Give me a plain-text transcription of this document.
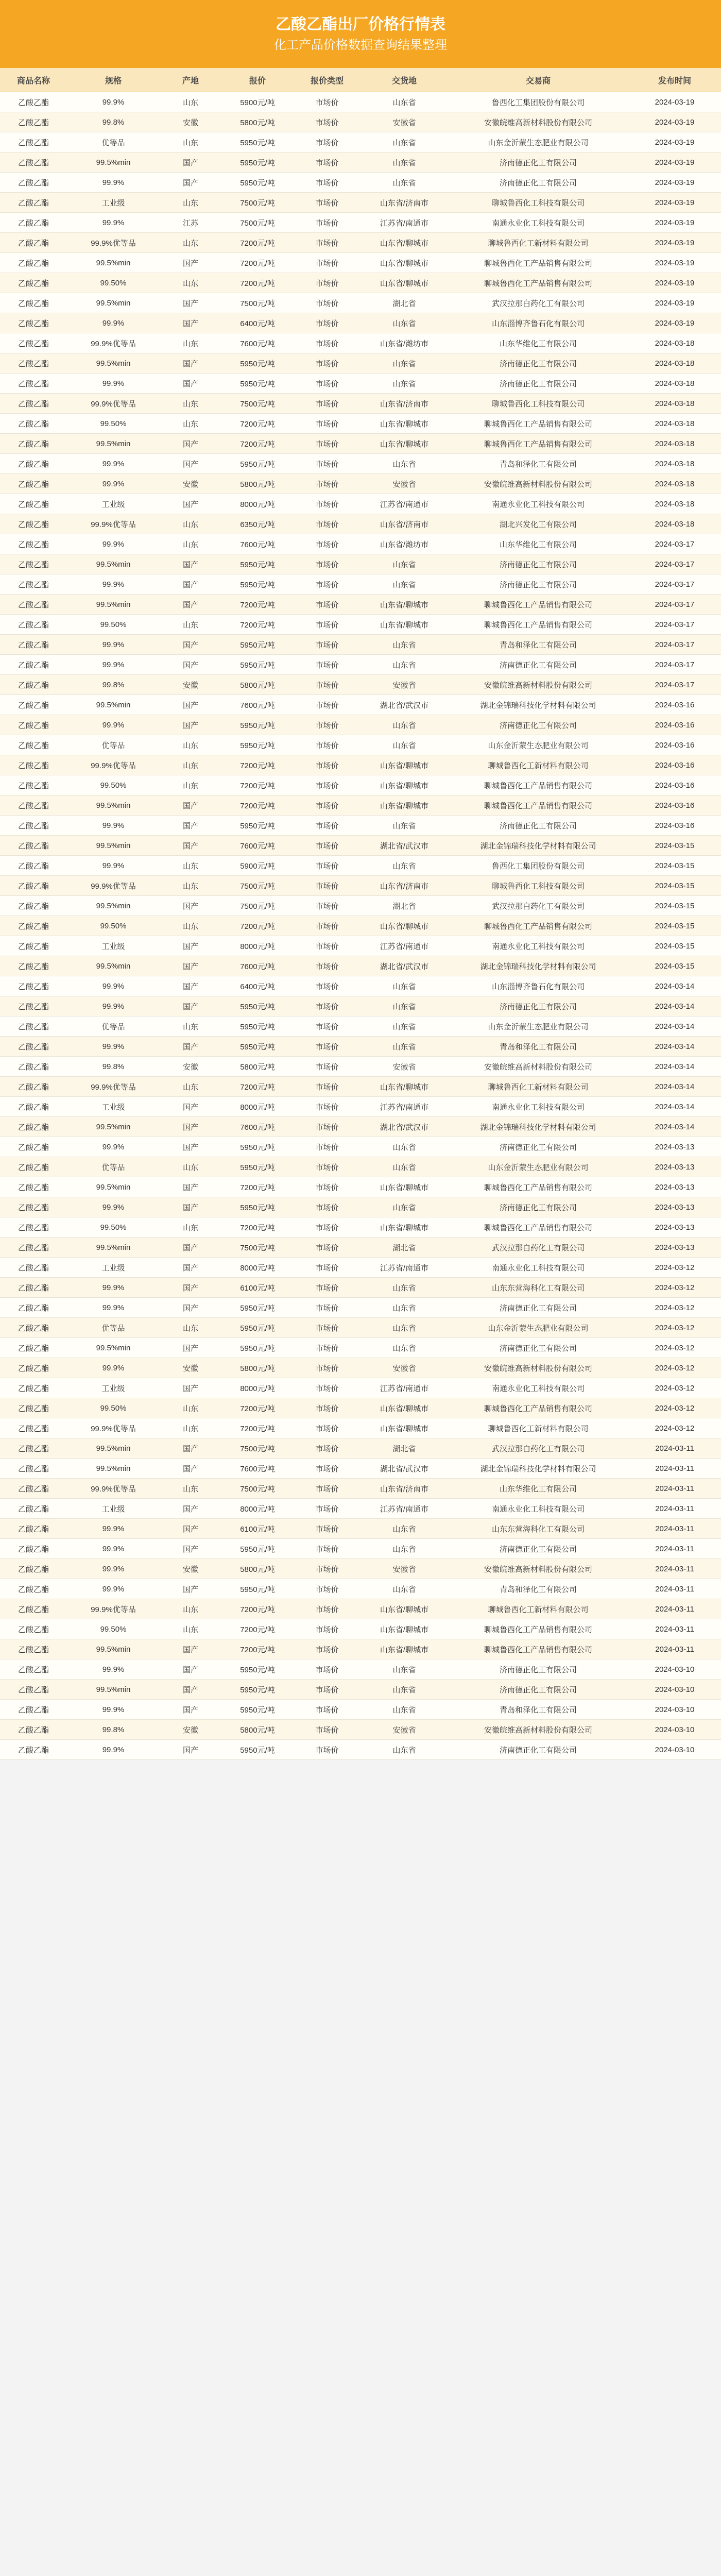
乙酸乙酯出厂价格行情表
化工产品价格数据查询结果整理
商品名称	规格	产地	报价	报价类型	交货地	交易商	发布时间
乙酸乙酯	99.9%	山东	5900元/吨	市场价	山东省	鲁西化工集团股份有限公司	2024-03-19
乙酸乙酯	99.8%	安徽	5800元/吨	市场价	安徽省	安徽皖维高新材料股份有限公司	2024-03-19
乙酸乙酯	优等品	山东	5950元/吨	市场价	山东省	山东金沂蒙生态肥业有限公司	2024-03-19
乙酸乙酯	99.5%min	国产	5950元/吨	市场价	山东省	济南德正化工有限公司	2024-03-19
乙酸乙酯	99.9%	国产	5950元/吨	市场价	山东省	济南德正化工有限公司	2024-03-19
乙酸乙酯	工业级	山东	7500元/吨	市场价	山东省/济南市	聊城鲁西化工科技有限公司	2024-03-19
乙酸乙酯	99.9%	江苏	7500元/吨	市场价	江苏省/南通市	南通永业化工科技有限公司	2024-03-19
乙酸乙酯	99.9%优等品	山东	7200元/吨	市场价	山东省/聊城市	聊城鲁西化工新材料有限公司	2024-03-19
乙酸乙酯	99.5%min	国产	7200元/吨	市场价	山东省/聊城市	聊城鲁西化工产品销售有限公司	2024-03-19
乙酸乙酯	99.50%	山东	7200元/吨	市场价	山东省/聊城市	聊城鲁西化工产品销售有限公司	2024-03-19
乙酸乙酯	99.5%min	国产	7500元/吨	市场价	湖北省	武汉拉那白药化工有限公司	2024-03-19
乙酸乙酯	99.9%	国产	6400元/吨	市场价	山东省	山东淄博齐鲁石化有限公司	2024-03-19
乙酸乙酯	99.9%优等品	山东	7600元/吨	市场价	山东省/潍坊市	山东华维化工有限公司	2024-03-18
乙酸乙酯	99.5%min	国产	5950元/吨	市场价	山东省	济南德正化工有限公司	2024-03-18
乙酸乙酯	99.9%	国产	5950元/吨	市场价	山东省	济南德正化工有限公司	2024-03-18
乙酸乙酯	99.9%优等品	山东	7500元/吨	市场价	山东省/济南市	聊城鲁西化工科技有限公司	2024-03-18
乙酸乙酯	99.50%	山东	7200元/吨	市场价	山东省/聊城市	聊城鲁西化工产品销售有限公司	2024-03-18
乙酸乙酯	99.5%min	国产	7200元/吨	市场价	山东省/聊城市	聊城鲁西化工产品销售有限公司	2024-03-18
乙酸乙酯	99.9%	国产	5950元/吨	市场价	山东省	青岛和泽化工有限公司	2024-03-18
乙酸乙酯	99.9%	安徽	5800元/吨	市场价	安徽省	安徽皖维高新材料股份有限公司	2024-03-18
乙酸乙酯	工业级	国产	8000元/吨	市场价	江苏省/南通市	南通永业化工科技有限公司	2024-03-18
乙酸乙酯	99.9%优等品	山东	6350元/吨	市场价	山东省/济南市	湖北兴发化工有限公司	2024-03-18
乙酸乙酯	99.9%	山东	7600元/吨	市场价	山东省/潍坊市	山东华维化工有限公司	2024-03-17
乙酸乙酯	99.5%min	国产	5950元/吨	市场价	山东省	济南德正化工有限公司	2024-03-17
乙酸乙酯	99.9%	国产	5950元/吨	市场价	山东省	济南德正化工有限公司	2024-03-17
乙酸乙酯	99.5%min	国产	7200元/吨	市场价	山东省/聊城市	聊城鲁西化工产品销售有限公司	2024-03-17
乙酸乙酯	99.50%	山东	7200元/吨	市场价	山东省/聊城市	聊城鲁西化工产品销售有限公司	2024-03-17
乙酸乙酯	99.9%	国产	5950元/吨	市场价	山东省	青岛和泽化工有限公司	2024-03-17
乙酸乙酯	99.9%	国产	5950元/吨	市场价	山东省	济南德正化工有限公司	2024-03-17
乙酸乙酯	99.8%	安徽	5800元/吨	市场价	安徽省	安徽皖维高新材料股份有限公司	2024-03-17
乙酸乙酯	99.5%min	国产	7600元/吨	市场价	湖北省/武汉市	湖北金锦瑞科技化学材料有限公司	2024-03-16
乙酸乙酯	99.9%	国产	5950元/吨	市场价	山东省	济南德正化工有限公司	2024-03-16
乙酸乙酯	优等品	山东	5950元/吨	市场价	山东省	山东金沂蒙生态肥业有限公司	2024-03-16
乙酸乙酯	99.9%优等品	山东	7200元/吨	市场价	山东省/聊城市	聊城鲁西化工新材料有限公司	2024-03-16
乙酸乙酯	99.50%	山东	7200元/吨	市场价	山东省/聊城市	聊城鲁西化工产品销售有限公司	2024-03-16
乙酸乙酯	99.5%min	国产	7200元/吨	市场价	山东省/聊城市	聊城鲁西化工产品销售有限公司	2024-03-16
乙酸乙酯	99.9%	国产	5950元/吨	市场价	山东省	济南德正化工有限公司	2024-03-16
乙酸乙酯	99.5%min	国产	7600元/吨	市场价	湖北省/武汉市	湖北金锦瑞科技化学材料有限公司	2024-03-15
乙酸乙酯	99.9%	山东	5900元/吨	市场价	山东省	鲁西化工集团股份有限公司	2024-03-15
乙酸乙酯	99.9%优等品	山东	7500元/吨	市场价	山东省/济南市	聊城鲁西化工科技有限公司	2024-03-15
乙酸乙酯	99.5%min	国产	7500元/吨	市场价	湖北省	武汉拉那白药化工有限公司	2024-03-15
乙酸乙酯	99.50%	山东	7200元/吨	市场价	山东省/聊城市	聊城鲁西化工产品销售有限公司	2024-03-15
乙酸乙酯	工业级	国产	8000元/吨	市场价	江苏省/南通市	南通永业化工科技有限公司	2024-03-15
乙酸乙酯	99.5%min	国产	7600元/吨	市场价	湖北省/武汉市	湖北金锦瑞科技化学材料有限公司	2024-03-15
乙酸乙酯	99.9%	国产	6400元/吨	市场价	山东省	山东淄博齐鲁石化有限公司	2024-03-14
乙酸乙酯	99.9%	国产	5950元/吨	市场价	山东省	济南德正化工有限公司	2024-03-14
乙酸乙酯	优等品	山东	5950元/吨	市场价	山东省	山东金沂蒙生态肥业有限公司	2024-03-14
乙酸乙酯	99.9%	国产	5950元/吨	市场价	山东省	青岛和泽化工有限公司	2024-03-14
乙酸乙酯	99.8%	安徽	5800元/吨	市场价	安徽省	安徽皖维高新材料股份有限公司	2024-03-14
乙酸乙酯	99.9%优等品	山东	7200元/吨	市场价	山东省/聊城市	聊城鲁西化工新材料有限公司	2024-03-14
乙酸乙酯	工业级	国产	8000元/吨	市场价	江苏省/南通市	南通永业化工科技有限公司	2024-03-14
乙酸乙酯	99.5%min	国产	7600元/吨	市场价	湖北省/武汉市	湖北金锦瑞科技化学材料有限公司	2024-03-14
乙酸乙酯	99.9%	国产	5950元/吨	市场价	山东省	济南德正化工有限公司	2024-03-13
乙酸乙酯	优等品	山东	5950元/吨	市场价	山东省	山东金沂蒙生态肥业有限公司	2024-03-13
乙酸乙酯	99.5%min	国产	7200元/吨	市场价	山东省/聊城市	聊城鲁西化工产品销售有限公司	2024-03-13
乙酸乙酯	99.9%	国产	5950元/吨	市场价	山东省	济南德正化工有限公司	2024-03-13
乙酸乙酯	99.50%	山东	7200元/吨	市场价	山东省/聊城市	聊城鲁西化工产品销售有限公司	2024-03-13
乙酸乙酯	99.5%min	国产	7500元/吨	市场价	湖北省	武汉拉那白药化工有限公司	2024-03-13
乙酸乙酯	工业级	国产	8000元/吨	市场价	江苏省/南通市	南通永业化工科技有限公司	2024-03-12
乙酸乙酯	99.9%	国产	6100元/吨	市场价	山东省	山东东营海科化工有限公司	2024-03-12
乙酸乙酯	99.9%	国产	5950元/吨	市场价	山东省	济南德正化工有限公司	2024-03-12
乙酸乙酯	优等品	山东	5950元/吨	市场价	山东省	山东金沂蒙生态肥业有限公司	2024-03-12
乙酸乙酯	99.5%min	国产	5950元/吨	市场价	山东省	济南德正化工有限公司	2024-03-12
乙酸乙酯	99.9%	安徽	5800元/吨	市场价	安徽省	安徽皖维高新材料股份有限公司	2024-03-12
乙酸乙酯	工业级	国产	8000元/吨	市场价	江苏省/南通市	南通永业化工科技有限公司	2024-03-12
乙酸乙酯	99.50%	山东	7200元/吨	市场价	山东省/聊城市	聊城鲁西化工产品销售有限公司	2024-03-12
乙酸乙酯	99.9%优等品	山东	7200元/吨	市场价	山东省/聊城市	聊城鲁西化工新材料有限公司	2024-03-12
乙酸乙酯	99.5%min	国产	7500元/吨	市场价	湖北省	武汉拉那白药化工有限公司	2024-03-11
乙酸乙酯	99.5%min	国产	7600元/吨	市场价	湖北省/武汉市	湖北金锦瑞科技化学材料有限公司	2024-03-11
乙酸乙酯	99.9%优等品	山东	7500元/吨	市场价	山东省/济南市	山东华维化工有限公司	2024-03-11
乙酸乙酯	工业级	国产	8000元/吨	市场价	江苏省/南通市	南通永业化工科技有限公司	2024-03-11
乙酸乙酯	99.9%	国产	6100元/吨	市场价	山东省	山东东营海科化工有限公司	2024-03-11
乙酸乙酯	99.9%	国产	5950元/吨	市场价	山东省	济南德正化工有限公司	2024-03-11
乙酸乙酯	99.9%	安徽	5800元/吨	市场价	安徽省	安徽皖维高新材料股份有限公司	2024-03-11
乙酸乙酯	99.9%	国产	5950元/吨	市场价	山东省	青岛和泽化工有限公司	2024-03-11
乙酸乙酯	99.9%优等品	山东	7200元/吨	市场价	山东省/聊城市	聊城鲁西化工新材料有限公司	2024-03-11
乙酸乙酯	99.50%	山东	7200元/吨	市场价	山东省/聊城市	聊城鲁西化工产品销售有限公司	2024-03-11
乙酸乙酯	99.5%min	国产	7200元/吨	市场价	山东省/聊城市	聊城鲁西化工产品销售有限公司	2024-03-11
乙酸乙酯	99.9%	国产	5950元/吨	市场价	山东省	济南德正化工有限公司	2024-03-10
乙酸乙酯	99.5%min	国产	5950元/吨	市场价	山东省	济南德正化工有限公司	2024-03-10
乙酸乙酯	99.9%	国产	5950元/吨	市场价	山东省	青岛和泽化工有限公司	2024-03-10
乙酸乙酯	99.8%	安徽	5800元/吨	市场价	安徽省	安徽皖维高新材料股份有限公司	2024-03-10
乙酸乙酯	99.9%	国产	5950元/吨	市场价	山东省	济南德正化工有限公司	2024-03-10
